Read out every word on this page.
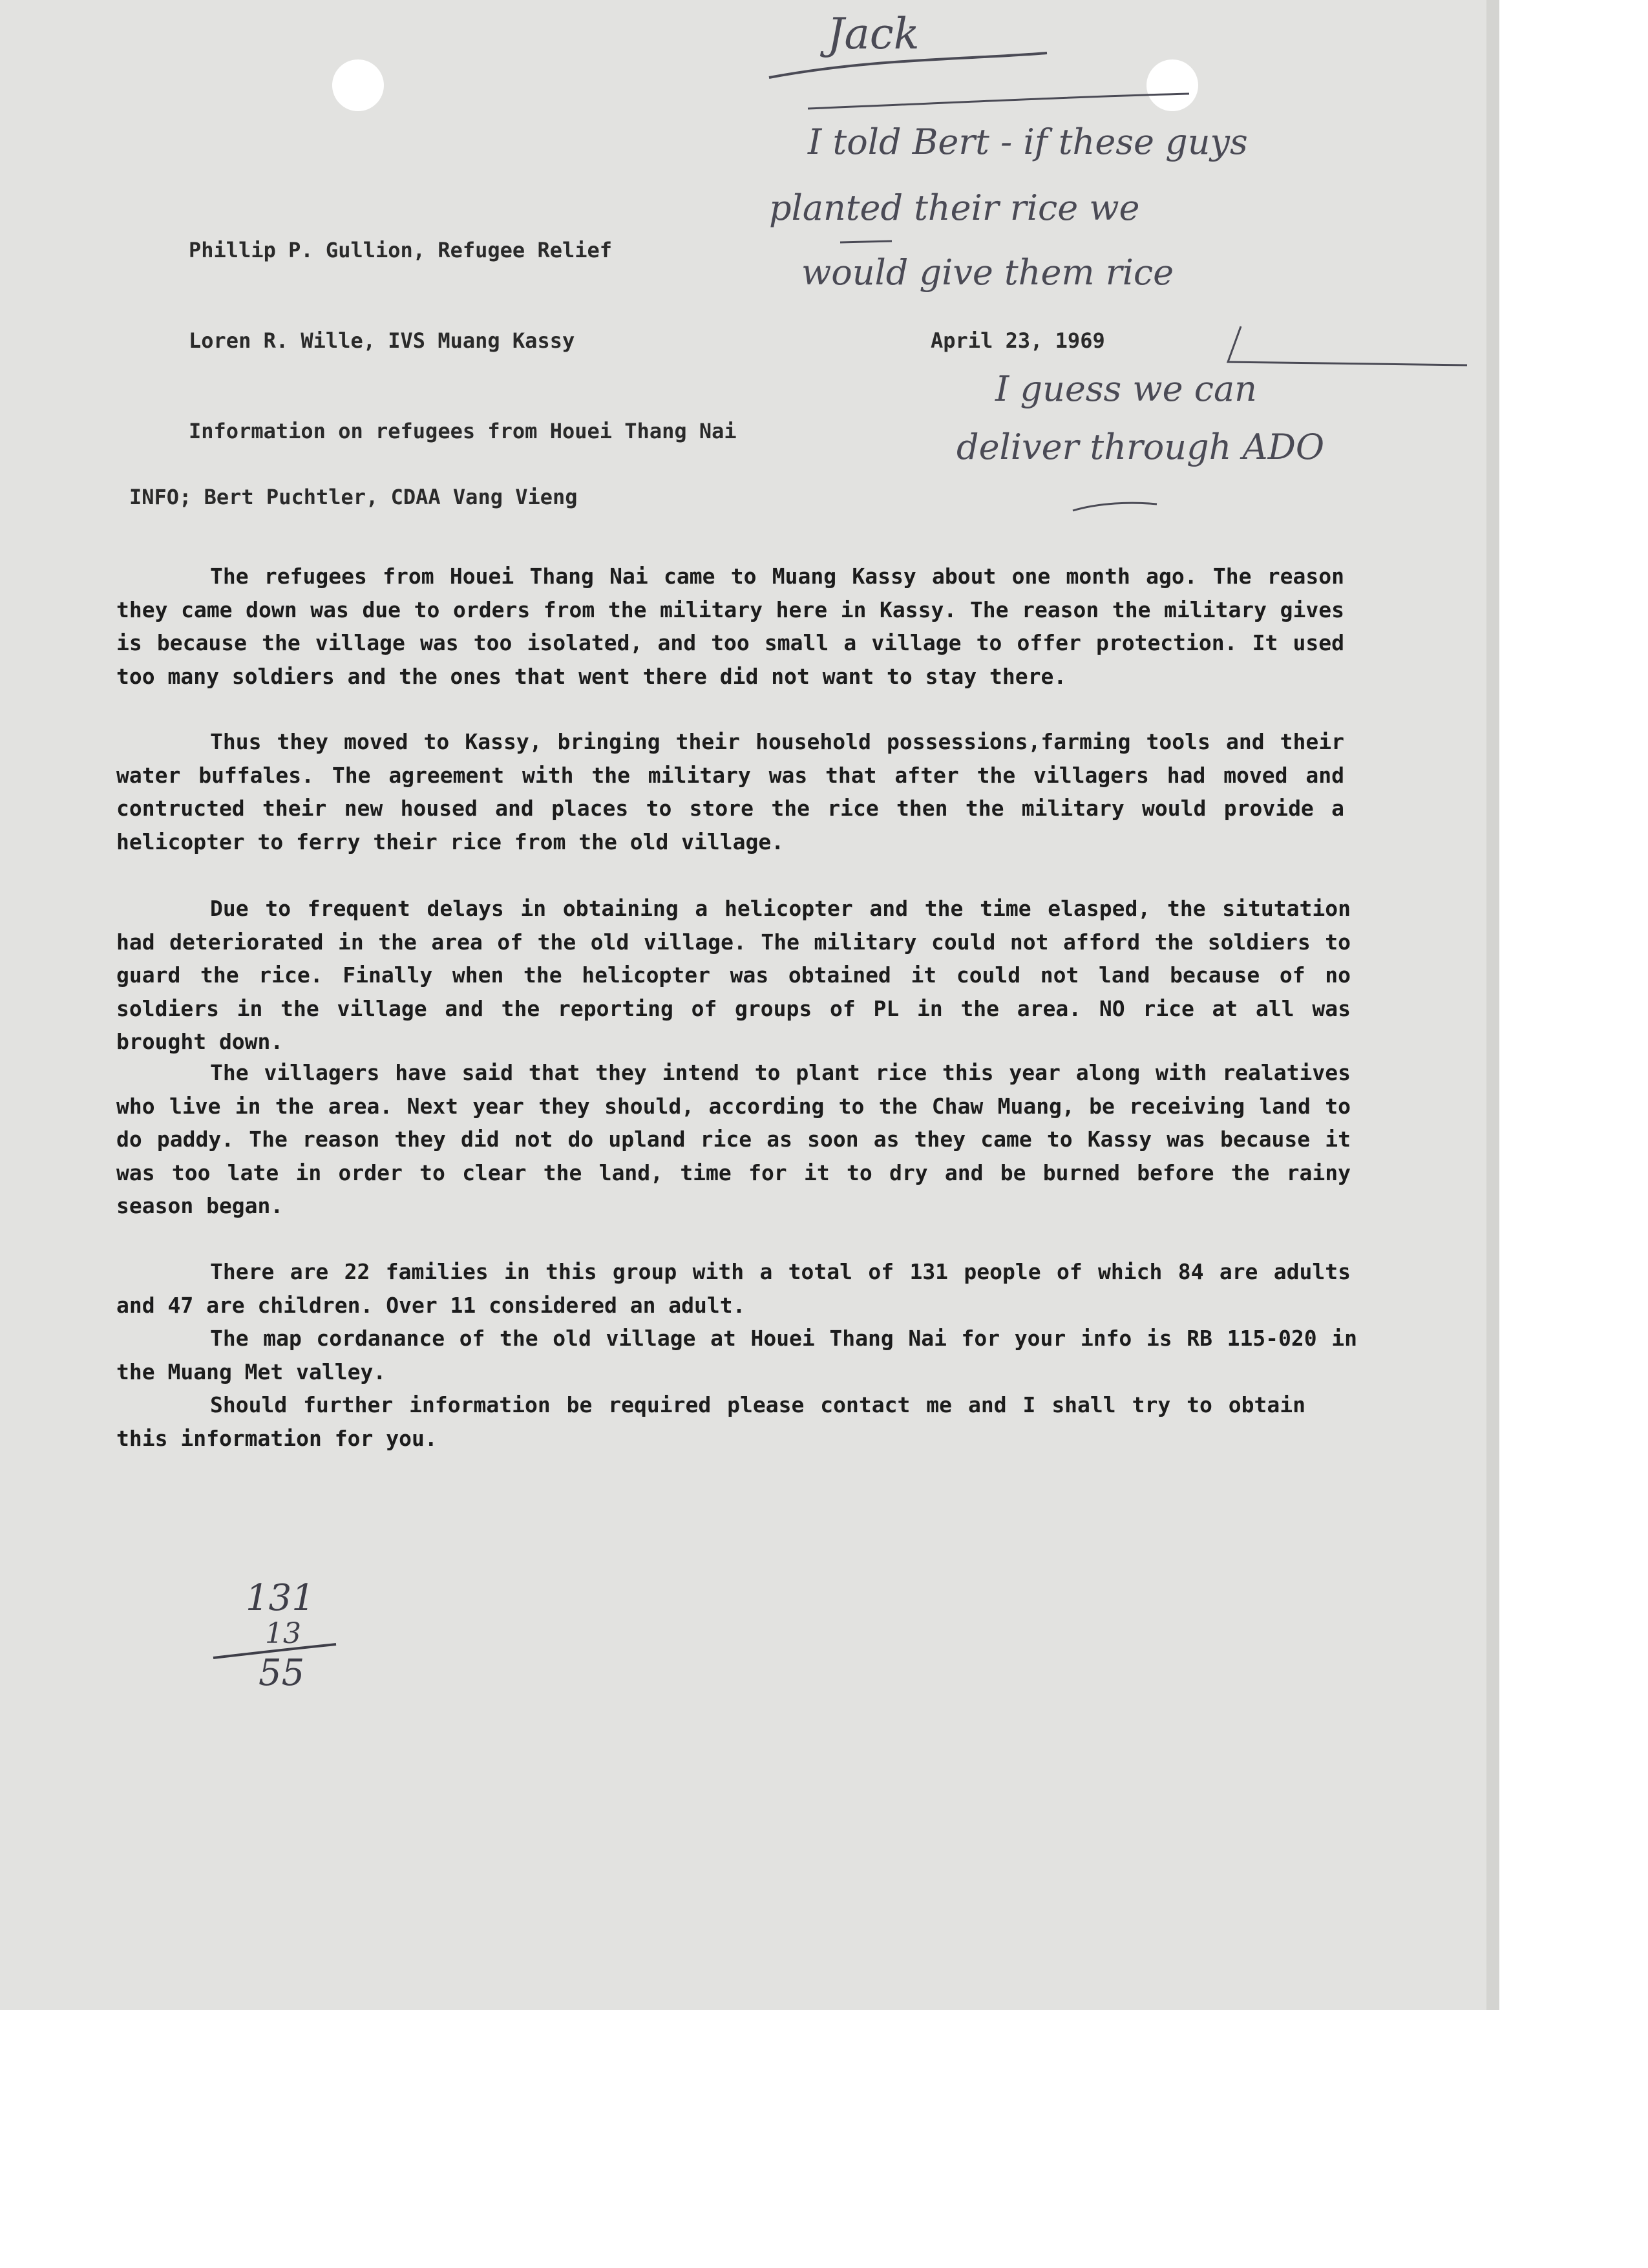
Phillip P. Gullion, Refugee Relief

Loren R. Wille, IVS Muang Kassy	April 23, 1969

Information on refugees from Houei Thang Nai

INFO; Bert Puchtler, CDAA Vang Vieng

The refugees from Houei Thang Nai came to Muang Kassy about one month ago. The reason they came down was due to orders from the military here in Kassy. The reason the military gives is because the village was too isolated, and too small a village to offer protection. It used too many soldiers and the ones that went there did not want to stay there.

Thus they moved to Kassy, bringing their household possessions,farming tools and their water buffales. The agreement with the military was that after the villagers had moved and contructed their new housed and places to store the rice then the military would provide a helicopter to ferry their rice from the old village.

Due to frequent delays in obtaining a helicopter and the time elasped, the situtation had deteriorated in the area of the old village. The military could not afford the soldiers to guard the rice. Finally when the helicopter was obtained it could not land because of no soldiers in the village and the reporting of groups of PL in the area. NO rice at all was brought down.

The villagers have said that they intend to plant rice this year along with realatives who live in the area. Next year they should, according to the Chaw Muang, be receiving land to do paddy. The reason they did not do upland rice as soon as they came to Kassy was because it was too late in order to clear the land, time for it to dry and be burned before the rainy season began.

There are 22 families in this group with a total of 131 people of which 84 are adults and 47 are children. Over 11 considered an adult.

The map cordanance of the old village at Houei Thang Nai for your info is RB 115-020 in the Muang Met valley.

Should further information be required please contact me and I shall try to obtain this information for you.

Jack

I told Bert - if these guys

planted their rice we

would give them rice

I guess we can

deliver through ADO

131

13

55
